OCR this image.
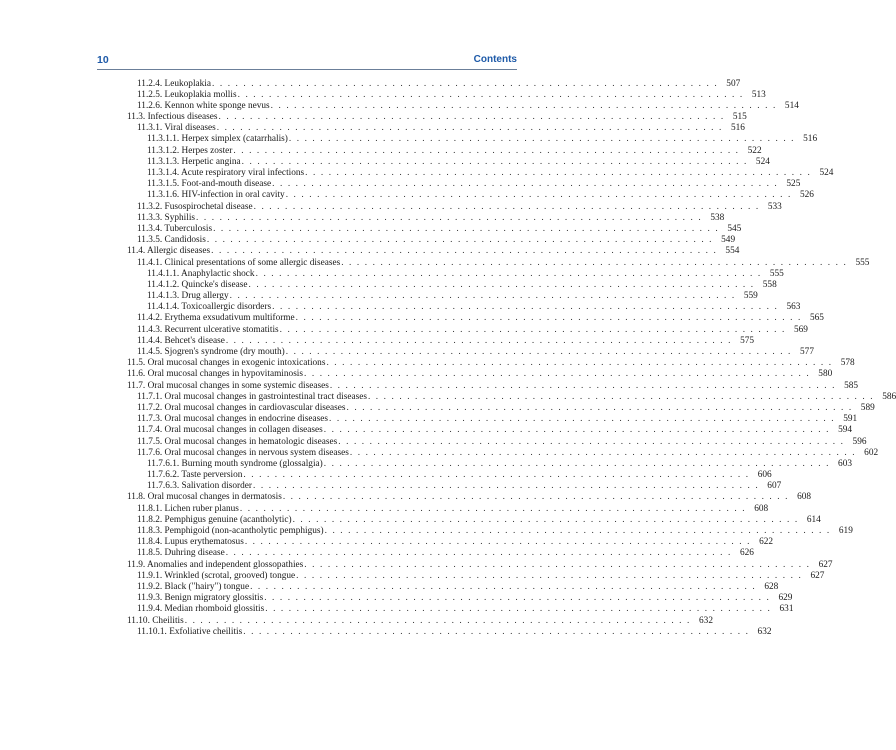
10	Contents
11.2.4. Leukoplakia . . . . . . . . . . . . . . . . . . . . . . . . . . . . . . . . . . . . . . . . . . . . . . . . . . . . . . . . . . . . . . . . . 507
11.2.5. Leukoplakia mollis . . . . . . . . . . . . . . . . . . . . . . . . . . . . . . . . . . . . . . . . . . . . . . . . . . . . . . . . . . . . . . . . . 513
11.2.6. Kennon white sponge nevus . . . . . . . . . . . . . . . . . . . . . . . . . . . . . . . . . . . . . . . . . . . . . . . . . . . . . . . . . . . . . . . . . 514
11.3. Infectious diseases . . . . . . . . . . . . . . . . . . . . . . . . . . . . . . . . . . . . . . . . . . . . . . . . . . . . . . . . . . . . . . . . . 515
11.3.1. Viral diseases . . . . . . . . . . . . . . . . . . . . . . . . . . . . . . . . . . . . . . . . . . . . . . . . . . . . . . . . . . . . . . . . . 516
11.3.1.1. Herpex simplex (catarrhalis) . . . . . . . . . . . . . . . . . . . . . . . . . . . . . . . . . . . . . . . . . . . . . . . . . . . . . . . . . . . . . . . . . 516
11.3.1.2. Herpes zoster . . . . . . . . . . . . . . . . . . . . . . . . . . . . . . . . . . . . . . . . . . . . . . . . . . . . . . . . . . . . . . . . . 522
11.3.1.3. Herpetic angina . . . . . . . . . . . . . . . . . . . . . . . . . . . . . . . . . . . . . . . . . . . . . . . . . . . . . . . . . . . . . . . . . 524
11.3.1.4. Acute respiratory viral infections . . . . . . . . . . . . . . . . . . . . . . . . . . . . . . . . . . . . . . . . . . . . . . . . . . . . . . . . . . . . . . . . . 524
11.3.1.5. Foot-and-mouth disease . . . . . . . . . . . . . . . . . . . . . . . . . . . . . . . . . . . . . . . . . . . . . . . . . . . . . . . . . . . . . . . . . 525
11.3.1.6. HIV-infection in oral cavity . . . . . . . . . . . . . . . . . . . . . . . . . . . . . . . . . . . . . . . . . . . . . . . . . . . . . . . . . . . . . . . . . 526
11.3.2. Fusospirochetal disease . . . . . . . . . . . . . . . . . . . . . . . . . . . . . . . . . . . . . . . . . . . . . . . . . . . . . . . . . . . . . . . . . 533
11.3.3. Syphilis . . . . . . . . . . . . . . . . . . . . . . . . . . . . . . . . . . . . . . . . . . . . . . . . . . . . . . . . . . . . . . . . . 538
11.3.4. Tuberculosis . . . . . . . . . . . . . . . . . . . . . . . . . . . . . . . . . . . . . . . . . . . . . . . . . . . . . . . . . . . . . . . . . 545
11.3.5. Candidosis . . . . . . . . . . . . . . . . . . . . . . . . . . . . . . . . . . . . . . . . . . . . . . . . . . . . . . . . . . . . . . . . . 549
11.4. Allergic diseases . . . . . . . . . . . . . . . . . . . . . . . . . . . . . . . . . . . . . . . . . . . . . . . . . . . . . . . . . . . . . . . . . 554
11.4.1. Clinical presentations of some allergic diseases . . . . . . . . . . . . . . . . . . . . . . . . . . . . . . . . . . . . . . . . . . . . . . . . . . . . . . . . . . . . . . . . . 555
11.4.1.1. Anaphylactic shock . . . . . . . . . . . . . . . . . . . . . . . . . . . . . . . . . . . . . . . . . . . . . . . . . . . . . . . . . . . . . . . . . 555
11.4.1.2. Quincke's disease . . . . . . . . . . . . . . . . . . . . . . . . . . . . . . . . . . . . . . . . . . . . . . . . . . . . . . . . . . . . . . . . . 558
11.4.1.3. Drug allergy . . . . . . . . . . . . . . . . . . . . . . . . . . . . . . . . . . . . . . . . . . . . . . . . . . . . . . . . . . . . . . . . . 559
11.4.1.4. Toxicoallergic disorders . . . . . . . . . . . . . . . . . . . . . . . . . . . . . . . . . . . . . . . . . . . . . . . . . . . . . . . . . . . . . . . . . 563
11.4.2. Erythema exsudativum multiforme . . . . . . . . . . . . . . . . . . . . . . . . . . . . . . . . . . . . . . . . . . . . . . . . . . . . . . . . . . . . . . . . . 565
11.4.3. Recurrent ulcerative stomatitis . . . . . . . . . . . . . . . . . . . . . . . . . . . . . . . . . . . . . . . . . . . . . . . . . . . . . . . . . . . . . . . . . 569
11.4.4. Behcet's disease . . . . . . . . . . . . . . . . . . . . . . . . . . . . . . . . . . . . . . . . . . . . . . . . . . . . . . . . . . . . . . . . . 575
11.4.5. Sjogren's syndrome (dry mouth) . . . . . . . . . . . . . . . . . . . . . . . . . . . . . . . . . . . . . . . . . . . . . . . . . . . . . . . . . . . . . . . . . 577
11.5. Oral mucosal changes in exogenic intoxications . . . . . . . . . . . . . . . . . . . . . . . . . . . . . . . . . . . . . . . . . . . . . . . . . . . . . . . . . . . . . . . . . 578
11.6. Oral mucosal changes in hypovitaminosis . . . . . . . . . . . . . . . . . . . . . . . . . . . . . . . . . . . . . . . . . . . . . . . . . . . . . . . . . . . . . . . . . 580
11.7. Oral mucosal changes in some systemic diseases . . . . . . . . . . . . . . . . . . . . . . . . . . . . . . . . . . . . . . . . . . . . . . . . . . . . . . . . . . . . . . . . . 585
11.7.1. Oral mucosal changes in gastrointestinal tract diseases . . . . . . . . . . . . . . . . . . . . . . . . . . . . . . . . . . . . . . . . . . . . . . . . . . . . . . . . . . . . . . . . . 586
11.7.2. Oral mucosal changes in cardiovascular diseases . . . . . . . . . . . . . . . . . . . . . . . . . . . . . . . . . . . . . . . . . . . . . . . . . . . . . . . . . . . . . . . . . 589
11.7.3. Oral mucosal changes in endocrine diseases . . . . . . . . . . . . . . . . . . . . . . . . . . . . . . . . . . . . . . . . . . . . . . . . . . . . . . . . . . . . . . . . . 591
11.7.4. Oral mucosal changes in collagen diseases . . . . . . . . . . . . . . . . . . . . . . . . . . . . . . . . . . . . . . . . . . . . . . . . . . . . . . . . . . . . . . . . . 594
11.7.5. Oral mucosal changes in hematologic diseases . . . . . . . . . . . . . . . . . . . . . . . . . . . . . . . . . . . . . . . . . . . . . . . . . . . . . . . . . . . . . . . . . 596
11.7.6. Oral mucosal changes in nervous system diseases . . . . . . . . . . . . . . . . . . . . . . . . . . . . . . . . . . . . . . . . . . . . . . . . . . . . . . . . . . . . . . . . . 602
11.7.6.1. Burning mouth syndrome (glossalgia) . . . . . . . . . . . . . . . . . . . . . . . . . . . . . . . . . . . . . . . . . . . . . . . . . . . . . . . . . . . . . . . . . 603
11.7.6.2. Taste perversion . . . . . . . . . . . . . . . . . . . . . . . . . . . . . . . . . . . . . . . . . . . . . . . . . . . . . . . . . . . . . . . . . 606
11.7.6.3. Salivation disorder . . . . . . . . . . . . . . . . . . . . . . . . . . . . . . . . . . . . . . . . . . . . . . . . . . . . . . . . . . . . . . . . . 607
11.8. Oral mucosal changes in dermatosis . . . . . . . . . . . . . . . . . . . . . . . . . . . . . . . . . . . . . . . . . . . . . . . . . . . . . . . . . . . . . . . . . 608
11.8.1. Lichen ruber planus . . . . . . . . . . . . . . . . . . . . . . . . . . . . . . . . . . . . . . . . . . . . . . . . . . . . . . . . . . . . . . . . . 608
11.8.2. Pemphigus genuine (acantholytic) . . . . . . . . . . . . . . . . . . . . . . . . . . . . . . . . . . . . . . . . . . . . . . . . . . . . . . . . . . . . . . . . . 614
11.8.3. Pemphigoid (non-acantholytic pemphigus) . . . . . . . . . . . . . . . . . . . . . . . . . . . . . . . . . . . . . . . . . . . . . . . . . . . . . . . . . . . . . . . . . 619
11.8.4. Lupus erythematosus . . . . . . . . . . . . . . . . . . . . . . . . . . . . . . . . . . . . . . . . . . . . . . . . . . . . . . . . . . . . . . . . . 622
11.8.5. Duhring disease . . . . . . . . . . . . . . . . . . . . . . . . . . . . . . . . . . . . . . . . . . . . . . . . . . . . . . . . . . . . . . . . . 626
11.9. Anomalies and independent glossopathies . . . . . . . . . . . . . . . . . . . . . . . . . . . . . . . . . . . . . . . . . . . . . . . . . . . . . . . . . . . . . . . . . 627
11.9.1. Wrinkled (scrotal, grooved) tongue . . . . . . . . . . . . . . . . . . . . . . . . . . . . . . . . . . . . . . . . . . . . . . . . . . . . . . . . . . . . . . . . . 627
11.9.2. Black ("hairy") tongue . . . . . . . . . . . . . . . . . . . . . . . . . . . . . . . . . . . . . . . . . . . . . . . . . . . . . . . . . . . . . . . . . 628
11.9.3. Benign migratory glossitis . . . . . . . . . . . . . . . . . . . . . . . . . . . . . . . . . . . . . . . . . . . . . . . . . . . . . . . . . . . . . . . . . 629
11.9.4. Median rhomboid glossitis . . . . . . . . . . . . . . . . . . . . . . . . . . . . . . . . . . . . . . . . . . . . . . . . . . . . . . . . . . . . . . . . . 631
11.10. Cheilitis . . . . . . . . . . . . . . . . . . . . . . . . . . . . . . . . . . . . . . . . . . . . . . . . . . . . . . . . . . . . . . . . . 632
11.10.1. Exfoliative cheilitis . . . . . . . . . . . . . . . . . . . . . . . . . . . . . . . . . . . . . . . . . . . . . . . . . . . . . . . . . . . . . . . . . 632
